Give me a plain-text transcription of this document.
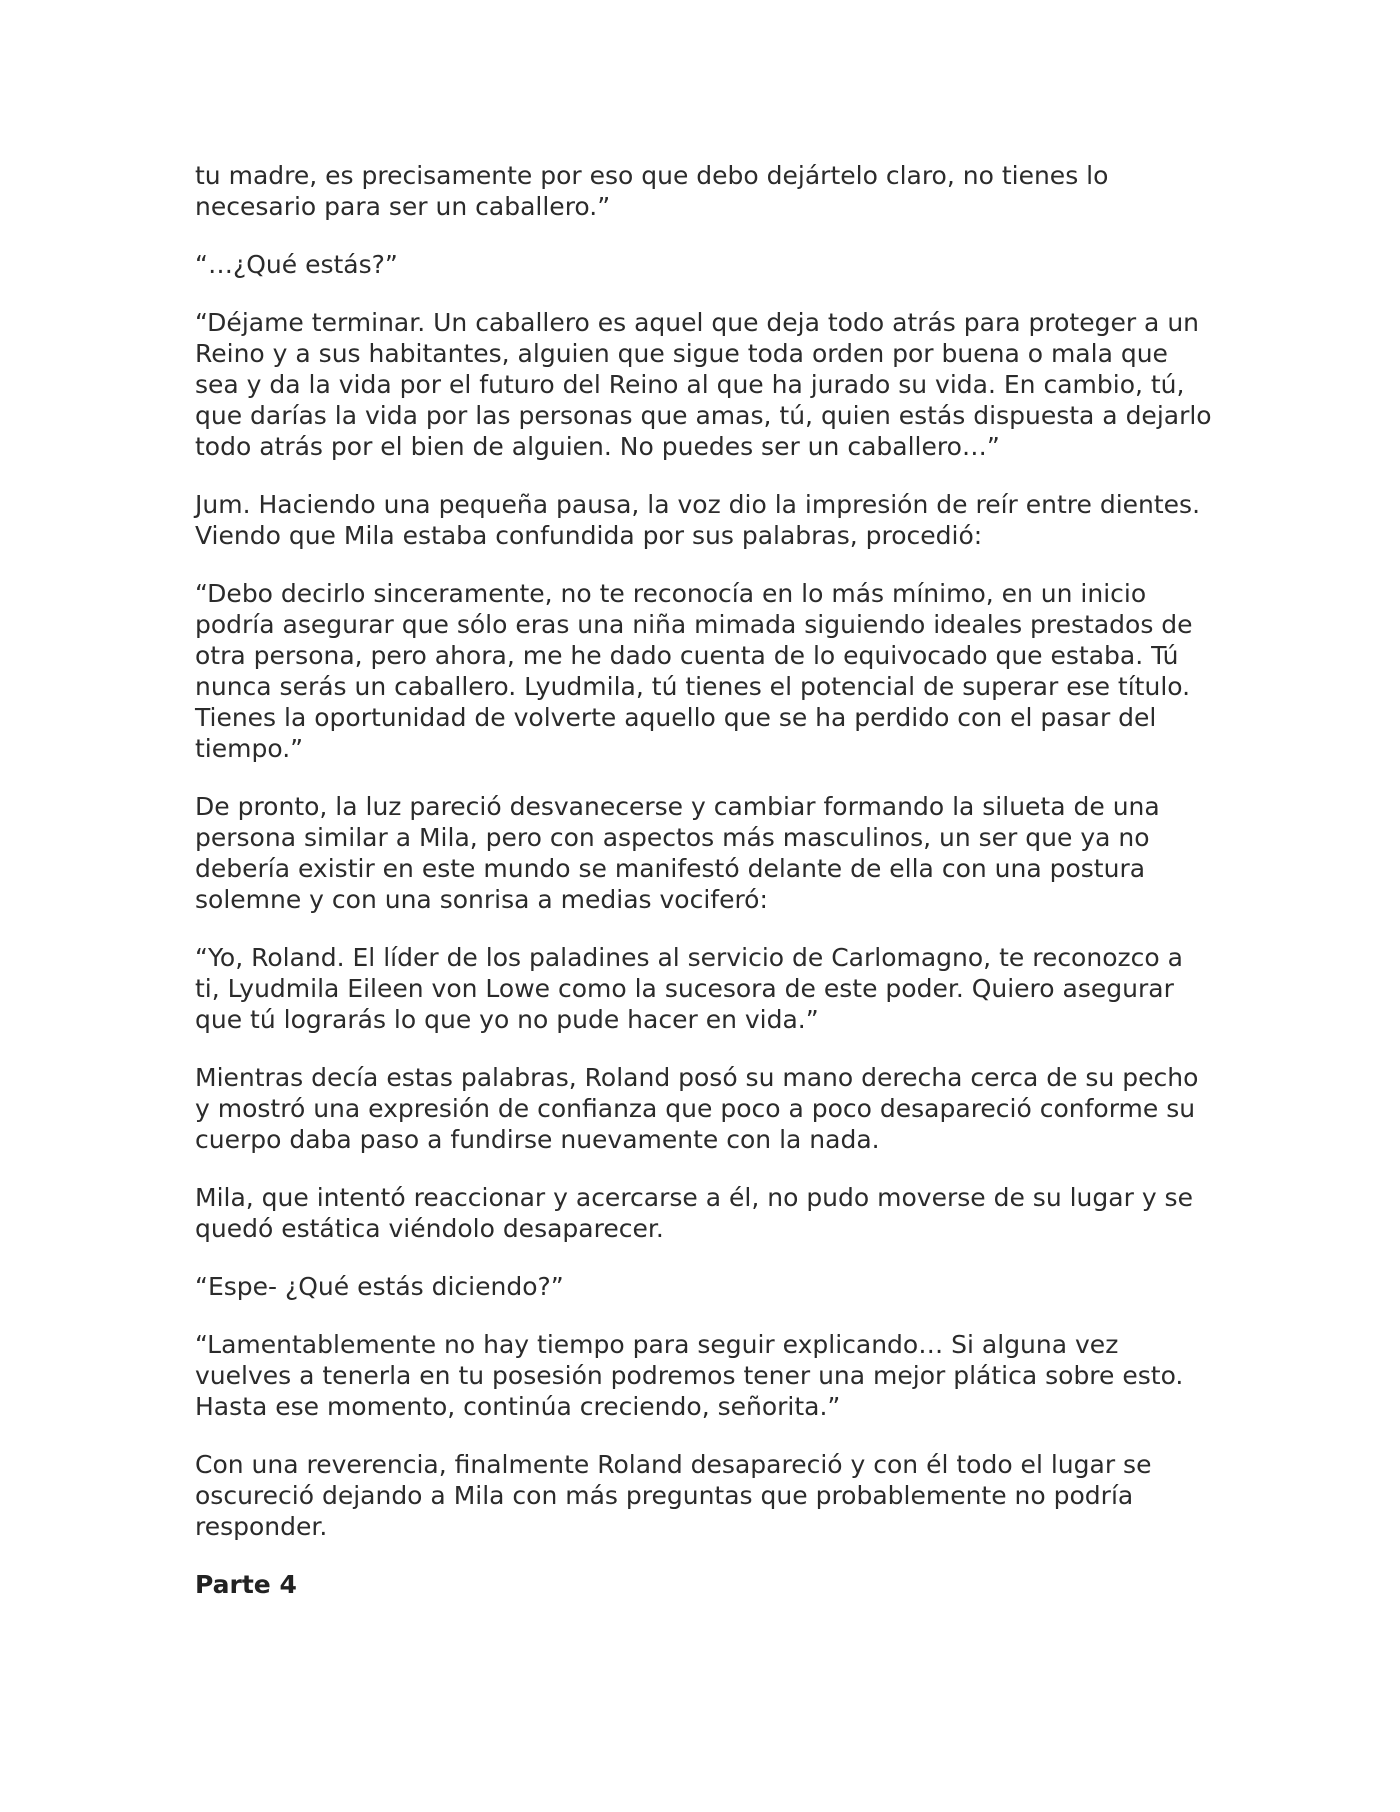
tu madre, es precisamente por eso que debo dejártelo claro, no tienes lo necesario para ser un caballero.”

“…¿Qué estás?”

“Déjame terminar. Un caballero es aquel que deja todo atrás para proteger a un Reino y a sus habitantes, alguien que sigue toda orden por buena o mala que sea y da la vida por el futuro del Reino al que ha jurado su vida. En cambio, tú, que darías la vida por las personas que amas, tú, quien estás dispuesta a dejarlo todo atrás por el bien de alguien. No puedes ser un caballero…”

Jum. Haciendo una pequeña pausa, la voz dio la impresión de reír entre dientes. Viendo que Mila estaba confundida por sus palabras, procedió:

“Debo decirlo sinceramente, no te reconocía en lo más mínimo, en un inicio podría asegurar que sólo eras una niña mimada siguiendo ideales prestados de otra persona, pero ahora, me he dado cuenta de lo equivocado que estaba. Tú nunca serás un caballero. Lyudmila, tú tienes el potencial de superar ese título. Tienes la oportunidad de volverte aquello que se ha perdido con el pasar del tiempo.”

De pronto, la luz pareció desvanecerse y cambiar formando la silueta de una persona similar a Mila, pero con aspectos más masculinos, un ser que ya no debería existir en este mundo se manifestó delante de ella con una postura solemne y con una sonrisa a medias vociferó:

“Yo, Roland. El líder de los paladines al servicio de Carlomagno, te reconozco a ti, Lyudmila Eileen von Lowe como la sucesora de este poder. Quiero asegurar que tú lograrás lo que yo no pude hacer en vida.”

Mientras decía estas palabras, Roland posó su mano derecha cerca de su pecho y mostró una expresión de confianza que poco a poco desapareció conforme su cuerpo daba paso a fundirse nuevamente con la nada.

Mila, que intentó reaccionar y acercarse a él, no pudo moverse de su lugar y se quedó estática viéndolo desaparecer.

“Espe- ¿Qué estás diciendo?”

“Lamentablemente no hay tiempo para seguir explicando… Si alguna vez vuelves a tenerla en tu posesión podremos tener una mejor plática sobre esto. Hasta ese momento, continúa creciendo, señorita.”

Con una reverencia, finalmente Roland desapareció y con él todo el lugar se oscureció dejando a Mila con más preguntas que probablemente no podría responder.

Parte 4
